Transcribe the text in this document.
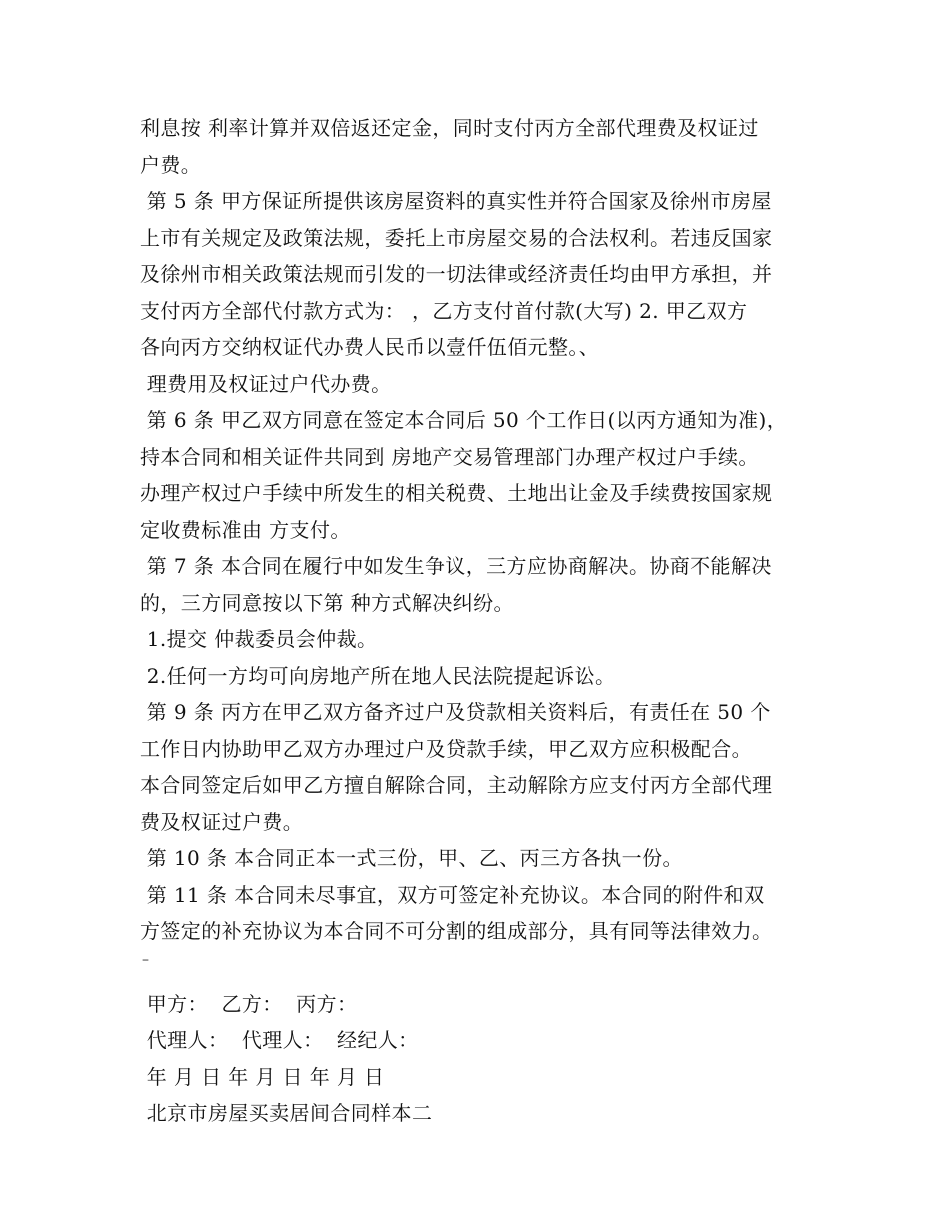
利息按 利率计算并双倍返还定金，同时支付丙方全部代理费及权证过
户费。
第 5 条 甲方保证所提供该房屋资料的真实性并符合国家及徐州市房屋
上市有关规定及政策法规，委托上市房屋交易的合法权利。若违反国家
及徐州市相关政策法规而引发的一切法律或经济责任均由甲方承担，并
支付丙方全部代付款方式为： ，乙方支付首付款(大写) 2. 甲乙双方
各向丙方交纳权证代办费人民币以壹仟伍佰元整。、
理费用及权证过户代办费。
第 6 条 甲乙双方同意在签定本合同后 50 个工作日(以丙方通知为准)，
持本合同和相关证件共同到 房地产交易管理部门办理产权过户手续。
办理产权过户手续中所发生的相关税费、土地出让金及手续费按国家规
定收费标准由 方支付。
第 7 条 本合同在履行中如发生争议，三方应协商解决。协商不能解决
的，三方同意按以下第 种方式解决纠纷。
1.提交 仲裁委员会仲裁。
2.任何一方均可向房地产所在地人民法院提起诉讼。
第 9 条 丙方在甲乙双方备齐过户及贷款相关资料后，有责任在 50 个
工作日内协助甲乙双方办理过户及贷款手续，甲乙双方应积极配合。
本合同签定后如甲乙方擅自解除合同，主动解除方应支付丙方全部代理
费及权证过户费。
第 10 条 本合同正本一式三份，甲、乙、丙三方各执一份。
第 11 条 本合同未尽事宜，双方可签定补充协议。本合同的附件和双
方签定的补充协议为本合同不可分割的组成部分，具有同等法律效力。
–
甲方：  乙方：  丙方：
代理人：  代理人：  经纪人：
年 月 日 年 月 日 年 月 日
北京市房屋买卖居间合同样本二
